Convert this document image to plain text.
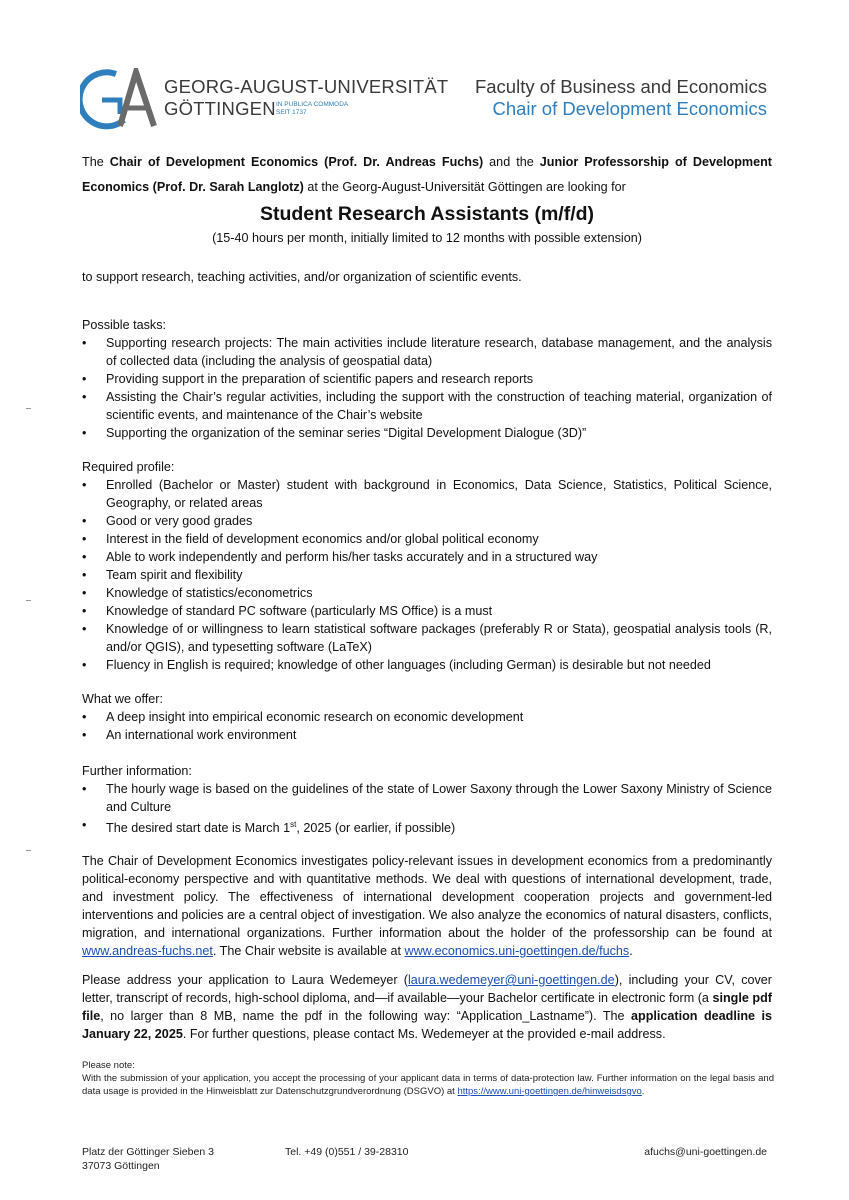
GEORG-AUGUST-UNIVERSITÄT
GÖTTINGEN IN PUBLICA COMMODA
SEIT 1737
Faculty of Business and Economics
Chair of Development Economics
The Chair of Development Economics (Prof. Dr. Andreas Fuchs) and the Junior Professorship of Development Economics (Prof. Dr. Sarah Langlotz) at the Georg-August-Universität Göttingen are looking for
Student Research Assistants (m/f/d)
(15-40 hours per month, initially limited to 12 months with possible extension)
to support research, teaching activities, and/or organization of scientific events.
Possible tasks:
• Supporting research projects: The main activities include literature research, database management, and the analysis of collected data (including the analysis of geospatial data)
• Providing support in the preparation of scientific papers and research reports
• Assisting the Chair’s regular activities, including the support with the construction of teaching material, organization of scientific events, and maintenance of the Chair’s website
• Supporting the organization of the seminar series “Digital Development Dialogue (3D)”
Required profile:
• Enrolled (Bachelor or Master) student with background in Economics, Data Science, Statistics, Political Science, Geography, or related areas
• Good or very good grades
• Interest in the field of development economics and/or global political economy
• Able to work independently and perform his/her tasks accurately and in a structured way
• Team spirit and flexibility
• Knowledge of statistics/econometrics
• Knowledge of standard PC software (particularly MS Office) is a must
• Knowledge of or willingness to learn statistical software packages (preferably R or Stata), geospatial analysis tools (R, and/or QGIS), and typesetting software (LaTeX)
• Fluency in English is required; knowledge of other languages (including German) is desirable but not needed
What we offer:
• A deep insight into empirical economic research on economic development
• An international work environment
Further information:
• The hourly wage is based on the guidelines of the state of Lower Saxony through the Lower Saxony Ministry of Science and Culture
• The desired start date is March 1st, 2025 (or earlier, if possible)
The Chair of Development Economics investigates policy-relevant issues in development economics from a predominantly political-economy perspective and with quantitative methods. We deal with questions of international development, trade, and investment policy. The effectiveness of international development cooperation projects and government-led interventions and policies are a central object of investigation. We also analyze the economics of natural disasters, conflicts, migration, and international organizations. Further information about the holder of the professorship can be found at www.andreas-fuchs.net. The Chair website is available at www.economics.uni-goettingen.de/fuchs.
Please address your application to Laura Wedemeyer (laura.wedemeyer@uni-goettingen.de), including your CV, cover letter, transcript of records, high-school diploma, and—if available—your Bachelor certificate in electronic form (a single pdf file, no larger than 8 MB, name the pdf in the following way: “Application_Lastname”). The application deadline is January 22, 2025. For further questions, please contact Ms. Wedemeyer at the provided e-mail address.
Please note:
With the submission of your application, you accept the processing of your applicant data in terms of data-protection law. Further information on the legal basis and data usage is provided in the Hinweisblatt zur Datenschutzgrundverordnung (DSGVO) at https://www.uni-goettingen.de/hinweisdsgvo.
Platz der Göttinger Sieben 3
37073 Göttingen
Tel. +49 (0)551 / 39-28310	afuchs@uni-goettingen.de
